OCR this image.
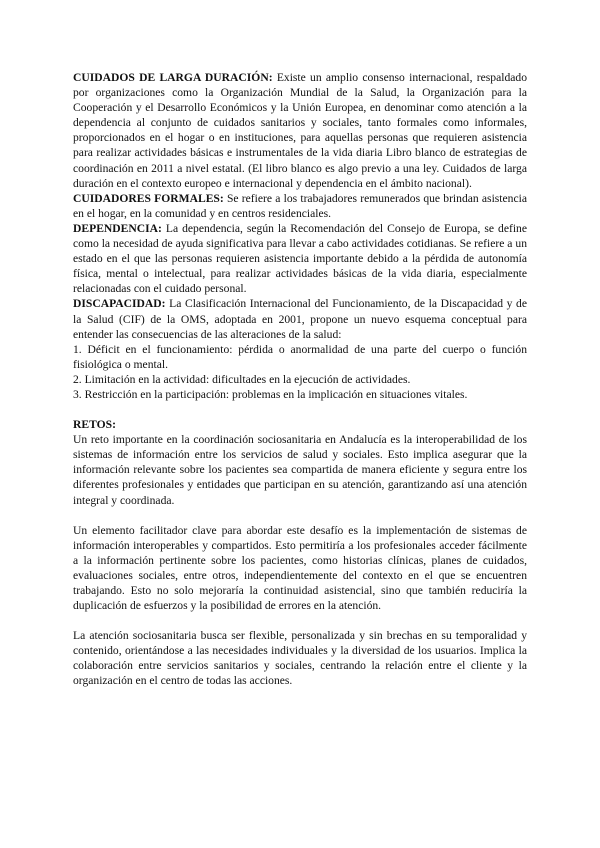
CUIDADOS DE LARGA DURACIÓN: Existe un amplio consenso internacional, respaldado por organizaciones como la Organización Mundial de la Salud, la Organización para la Cooperación y el Desarrollo Económicos y la Unión Europea, en denominar como atención a la dependencia al conjunto de cuidados sanitarios y sociales, tanto formales como informales, proporcionados en el hogar o en instituciones, para aquellas personas que requieren asistencia para realizar actividades básicas e instrumentales de la vida diaria Libro blanco de estrategias de coordinación en 2011 a nivel estatal. (El libro blanco es algo previo a una ley. Cuidados de larga duración en el contexto europeo e internacional y dependencia en el ámbito nacional).

CUIDADORES FORMALES: Se refiere a los trabajadores remunerados que brindan asistencia en el hogar, en la comunidad y en centros residenciales.

DEPENDENCIA: La dependencia, según la Recomendación del Consejo de Europa, se define como la necesidad de ayuda significativa para llevar a cabo actividades cotidianas. Se refiere a un estado en el que las personas requieren asistencia importante debido a la pérdida de autonomía física, mental o intelectual, para realizar actividades básicas de la vida diaria, especialmente relacionadas con el cuidado personal.

DISCAPACIDAD: La Clasificación Internacional del Funcionamiento, de la Discapacidad y de la Salud (CIF) de la OMS, adoptada en 2001, propone un nuevo esquema conceptual para entender las consecuencias de las alteraciones de la salud:

1. Déficit en el funcionamiento: pérdida o anormalidad de una parte del cuerpo o función fisiológica o mental.

2. Limitación en la actividad: dificultades en la ejecución de actividades.

3. Restricción en la participación: problemas en la implicación en situaciones vitales.

RETOS:

Un reto importante en la coordinación sociosanitaria en Andalucía es la interoperabilidad de los sistemas de información entre los servicios de salud y sociales. Esto implica asegurar que la información relevante sobre los pacientes sea compartida de manera eficiente y segura entre los diferentes profesionales y entidades que participan en su atención, garantizando así una atención integral y coordinada.

Un elemento facilitador clave para abordar este desafío es la implementación de sistemas de información interoperables y compartidos. Esto permitiría a los profesionales acceder fácilmente a la información pertinente sobre los pacientes, como historias clínicas, planes de cuidados, evaluaciones sociales, entre otros, independientemente del contexto en el que se encuentren trabajando. Esto no solo mejoraría la continuidad asistencial, sino que también reduciría la duplicación de esfuerzos y la posibilidad de errores en la atención.

La atención sociosanitaria busca ser flexible, personalizada y sin brechas en su temporalidad y contenido, orientándose a las necesidades individuales y la diversidad de los usuarios. Implica la colaboración entre servicios sanitarios y sociales, centrando la relación entre el cliente y la organización en el centro de todas las acciones.
